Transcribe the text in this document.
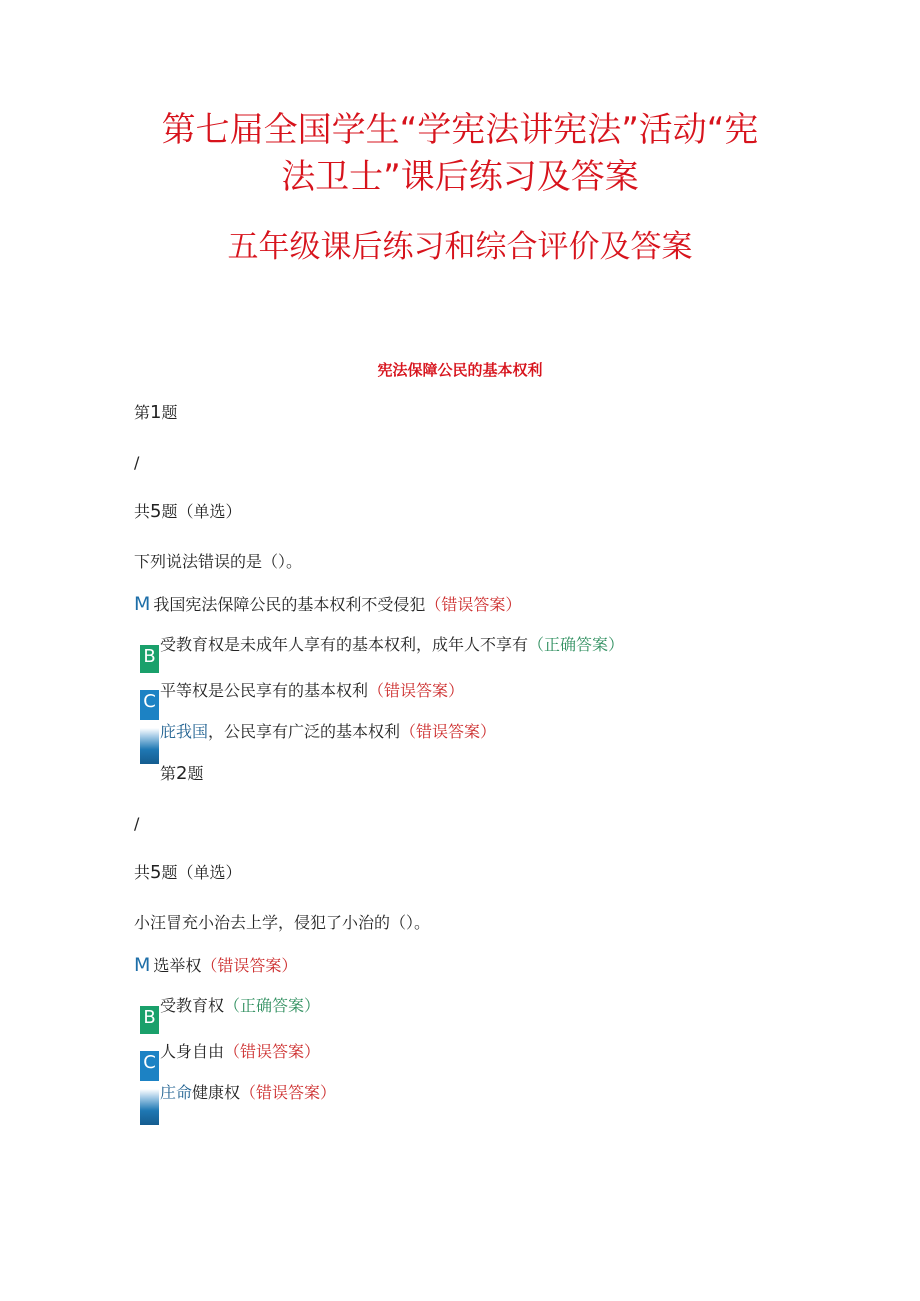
第七届全国学生“学宪法讲宪法”活动“宪
法卫士”课后练习及答案
五年级课后练习和综合评价及答案
宪法保障公民的基本权利
第1题
/
共5题（单选）
下列说法错误的是（）。
M 我国宪法保障公民的基本权利不受侵犯（错误答案）
B
受教育权是未成年人享有的基本权利，成年人不享有（正确答案）
C
平等权是公民享有的基本权利（错误答案）
庇我国，公民享有广泛的基本权利（错误答案）
第2题
/
共5题（单选）
小汪冒充小治去上学，侵犯了小治的（）。
M 选举权（错误答案）
B
受教育权（正确答案）
C
人身自由（错误答案）
庄命健康权（错误答案）
